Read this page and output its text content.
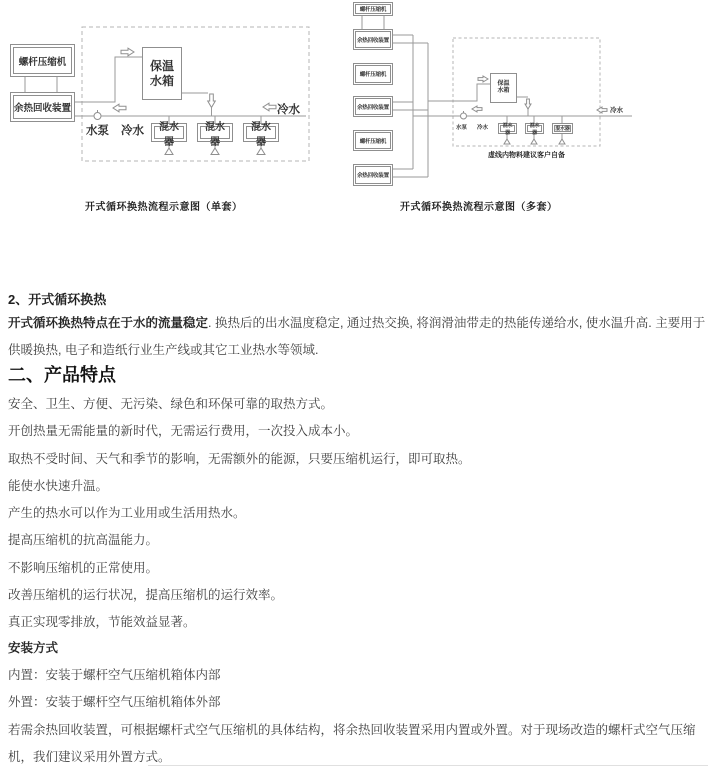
螺杆压缩机
余热回收装置
保温
水箱
混水器
混水器
混水器
水泵 冷水
冷水
开式循环换热流程示意图（单套）
螺杆压缩机
余热回收装置
螺杆压缩机
余热回收装置
螺杆压缩机
余热回收装置
保温
水箱
混水器
混水器
混水器
水泵 冷水
冷水
虚线内物料建议客户自备
开式循环换热流程示意图（多套）
2、开式循环换热
开式循环换热特点在于水的流量稳定. 换热后的出水温度稳定, 通过热交换, 将润滑油带走的热能传递给水, 使水温升高. 主要用于供暖换热, 电子和造纸行业生产线或其它工业热水等领域.
二、产品特点
安全、卫生、方便、无污染、绿色和环保可靠的取热方式。
开创热量无需能量的新时代，无需运行费用，一次投入成本小。
取热不受时间、天气和季节的影响，无需额外的能源，只要压缩机运行，即可取热。
能使水快速升温。
产生的热水可以作为工业用或生活用热水。
提高压缩机的抗高温能力。
不影响压缩机的正常使用。
改善压缩机的运行状况，提高压缩机的运行效率。
真正实现零排放，节能效益显著。
安装方式
内置：安装于螺杆空气压缩机箱体内部
外置：安装于螺杆空气压缩机箱体外部
若需余热回收装置，可根据螺杆式空气压缩机的具体结构，将余热回收装置采用内置或外置。对于现场改造的螺杆式空气压缩机，我们建议采用外置方式。
